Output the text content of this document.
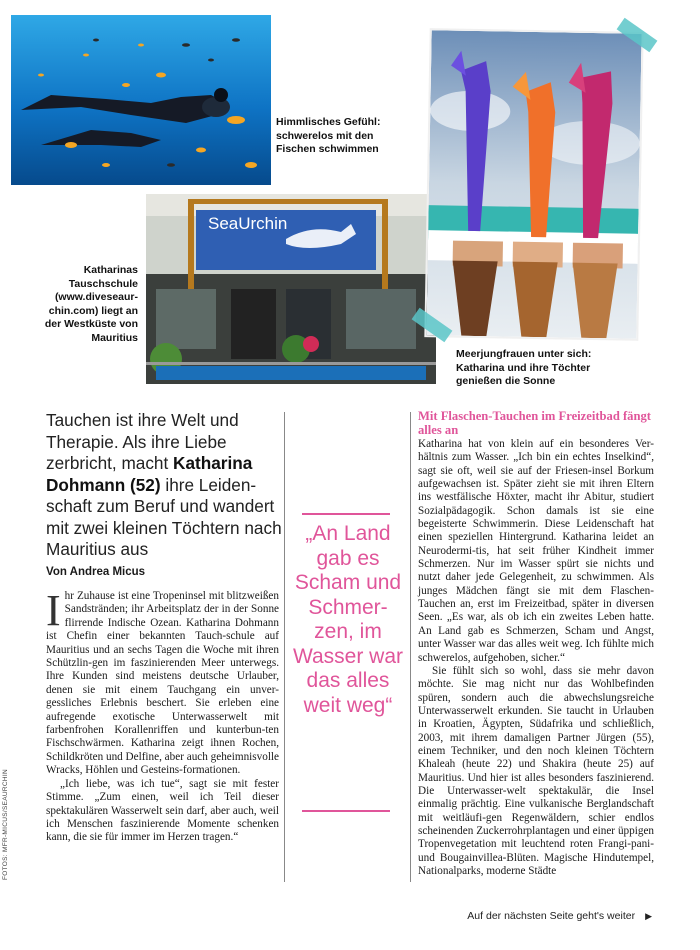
Himmlisches Gefühl: schwerelos mit den Fischen schwimmen
SeaUrchin
Katharinas Tauschschule (www.diveseaur-chin.com) liegt an der Westküste von Mauritius
Meerjungfrauen unter sich: Katharina und ihre Töchter genießen die Sonne
Tauchen ist ihre Welt und Therapie. Als ihre Liebe zerbricht, macht Katharina Dohmann (52) ihre Leiden-schaft zum Beruf und wandert mit zwei kleinen Töchtern nach Mauritius aus
Von Andrea Micus

Ihr Zuhause ist eine Tropeninsel mit blitzweißen Sandstränden; ihr Arbeitsplatz der in der Sonne flirrende Indische Ozean. Katharina Dohmann ist Chefin einer bekannten Tauch-schule auf Mauritius und an sechs Tagen die Woche mit ihren Schützlin-gen im faszinierenden Meer unterwegs. Ihre Kunden sind meistens deutsche Urlauber, denen sie mit einem Tauchgang ein unver-gessliches Erlebnis beschert. Sie erleben eine aufregende exotische Unterwasserwelt mit farbenfrohen Korallenriffen und kunterbun-ten Fischschwärmen. Katharina zeigt ihnen Rochen, Schildkröten und Delfine, aber auch geheimnisvolle Wracks, Höhlen und Gesteins-formationen.

„Ich liebe, was ich tue“, sagt sie mit fester Stimme. „Zum einen, weil ich Teil dieser spektakulären Wasserwelt sein darf, aber auch, weil ich Menschen faszinierende Momente schenken kann, die sie für immer im Herzen tragen.“

„An Land gab es Scham und Schmer-zen, im Wasser war das alles weit weg“
Mit Flaschen-Tauchen im Freizeitbad fängt alles an

Katharina hat von klein auf ein besonderes Ver-hältnis zum Wasser. „Ich bin ein echtes Inselkind“, sagt sie oft, weil sie auf der Friesen-insel Borkum aufgewachsen ist. Später zieht sie mit ihren Eltern ins westfälische Höxter, macht ihr Abitur, studiert Sozialpädagogik. Schon damals ist sie eine begeisterte Schwimmerin. Diese Leidenschaft hat einen speziellen Hintergrund. Katharina leidet an Neurodermi-tis, hat seit früher Kindheit immer Schmerzen. Nur im Wasser spürt sie nichts und nutzt daher jede Gelegenheit, zu schwimmen. Als junges Mädchen fängt sie mit dem Flaschen-Tauchen an, erst im Freizeitbad, später in diversen Seen. „Es war, als ob ich ein zweites Leben hatte. An Land gab es Schmerzen, Scham und Angst, unter Wasser war das alles weit weg. Ich fühlte mich schwerelos, aufgehoben, sicher.“

Sie fühlt sich so wohl, dass sie mehr davon möchte. Sie mag nicht nur das Wohlbefinden spüren, sondern auch die abwechslungsreiche Unterwasserwelt erkunden. Sie taucht in Urlauben in Kroatien, Ägypten, Südafrika und schließlich, 2003, mit ihrem damaligen Partner Jürgen (55), einem Techniker, und den noch kleinen Töchtern Khaleah (heute 22) und Shakira (heute 25) auf Mauritius. Und hier ist alles besonders faszinierend. Die Unterwasser-welt spektakulär, die Insel einmalig prächtig. Eine vulkanische Berglandschaft mit weitläufi-gen Regenwäldern, schier endlos scheinenden Zuckerrohrplantagen und einer üppigen Tropenvegetation mit leuchtend roten Frangi-pani- und Bougainvillea-Blüten. Magische Hindutempel, Nationalparks, moderne Städte

Auf der nächsten Seite geht's weiter ▶
FOTOS: MFR-MICUS/SEAURCHIN
